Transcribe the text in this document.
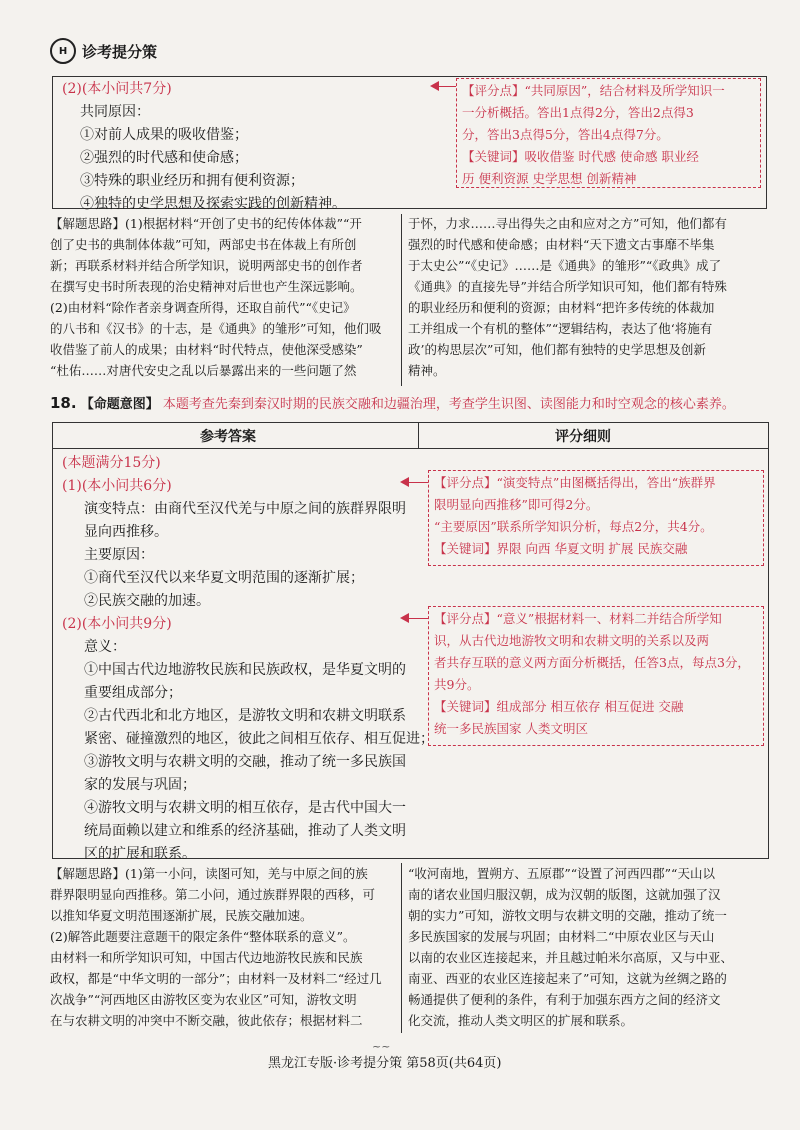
H 诊考提分策
(2)(本小问共7分)
共同原因：
①对前人成果的吸收借鉴；
②强烈的时代感和使命感；
③特殊的职业经历和拥有便利资源；
④独特的史学思想及探索实践的创新精神。
【评分点】“共同原因”，结合材料及所学知识一
一分析概括。答出1点得2分，答出2点得3
分，答出3点得5分，答出4点得7分。
【关键词】吸收借鉴 时代感 使命感 职业经
历 便利资源 史学思想 创新精神
【解题思路】(1)根据材料“开创了史书的纪传体体裁”“开
创了史书的典制体体裁”可知，两部史书在体裁上有所创
新；再联系材料并结合所学知识，说明两部史书的创作者
在撰写史书时所表现的治史精神对后世也产生深远影响。
(2)由材料“除作者亲身调查所得，还取自前代”“《史记》
的八书和《汉书》的十志，是《通典》的雏形”可知，他们吸
收借鉴了前人的成果；由材料“时代特点，使他深受感染”
“杜佑……对唐代安史之乱以后暴露出来的一些问题了然
于怀，力求……寻出得失之由和应对之方”可知，他们都有
强烈的时代感和使命感；由材料“天下遗文古事靡不毕集
于太史公”“《史记》……是《通典》的雏形”“《政典》成了
《通典》的直接先导”并结合所学知识可知，他们都有特殊
的职业经历和便利的资源；由材料“把许多传统的体裁加
工并组成一个有机的整体”“逻辑结构，表达了他‘将施有
政’的构思层次”可知，他们都有独特的史学思想及创新
精神。
18. 【命题意图】 本题考查先秦到秦汉时期的民族交融和边疆治理，考查学生识图、读图能力和时空观念的核心素养。
参考答案	评分细则
(本题满分15分)
(1)(本小问共6分)
演变特点：由商代至汉代羌与中原之间的族群界限明
显向西推移。
主要原因：
①商代至汉代以来华夏文明范围的逐渐扩展；
②民族交融的加速。
(2)(本小问共9分)
意义：
①中国古代边地游牧民族和民族政权，是华夏文明的
重要组成部分；
②古代西北和北方地区，是游牧文明和农耕文明联系
紧密、碰撞激烈的地区，彼此之间相互依存、相互促进；
③游牧文明与农耕文明的交融，推动了统一多民族国
家的发展与巩固；
④游牧文明与农耕文明的相互依存，是古代中国大一
统局面赖以建立和维系的经济基础，推动了人类文明
区的扩展和联系。
【评分点】“演变特点”由图概括得出，答出“族群界
限明显向西推移”即可得2分。
“主要原因”联系所学知识分析，每点2分，共4分。
【关键词】界限 向西 华夏文明 扩展 民族交融
【评分点】“意义”根据材料一、材料二并结合所学知
识，从古代边地游牧文明和农耕文明的关系以及两
者共存互联的意义两方面分析概括，任答3点，每点3分，
共9分。
【关键词】组成部分 相互依存 相互促进 交融
统一多民族国家 人类文明区
【解题思路】(1)第一小问，读图可知，羌与中原之间的族
群界限明显向西推移。第二小问，通过族群界限的西移，可
以推知华夏文明范围逐渐扩展，民族交融加速。
(2)解答此题要注意题干的限定条件“整体联系的意义”。
由材料一和所学知识可知，中国古代边地游牧民族和民族
政权，都是“中华文明的一部分”；由材料一及材料二“经过几
次战争”“河西地区由游牧区变为农业区”可知，游牧文明
在与农耕文明的冲突中不断交融，彼此依存；根据材料二
“收河南地，置朔方、五原郡”“设置了河西四郡”“天山以
南的诸农业国归服汉朝，成为汉朝的版图，这就加强了汉
朝的实力”可知，游牧文明与农耕文明的交融，推动了统一
多民族国家的发展与巩固；由材料二“中原农业区与天山
以南的农业区连接起来，并且越过帕米尔高原，又与中亚、
南亚、西亚的农业区连接起来了”可知，这就为丝绸之路的
畅通提供了便利的条件，有利于加强东西方之间的经济文
化交流，推动人类文明区的扩展和联系。
~~
黑龙江专版·诊考提分策 第58页(共64页)
